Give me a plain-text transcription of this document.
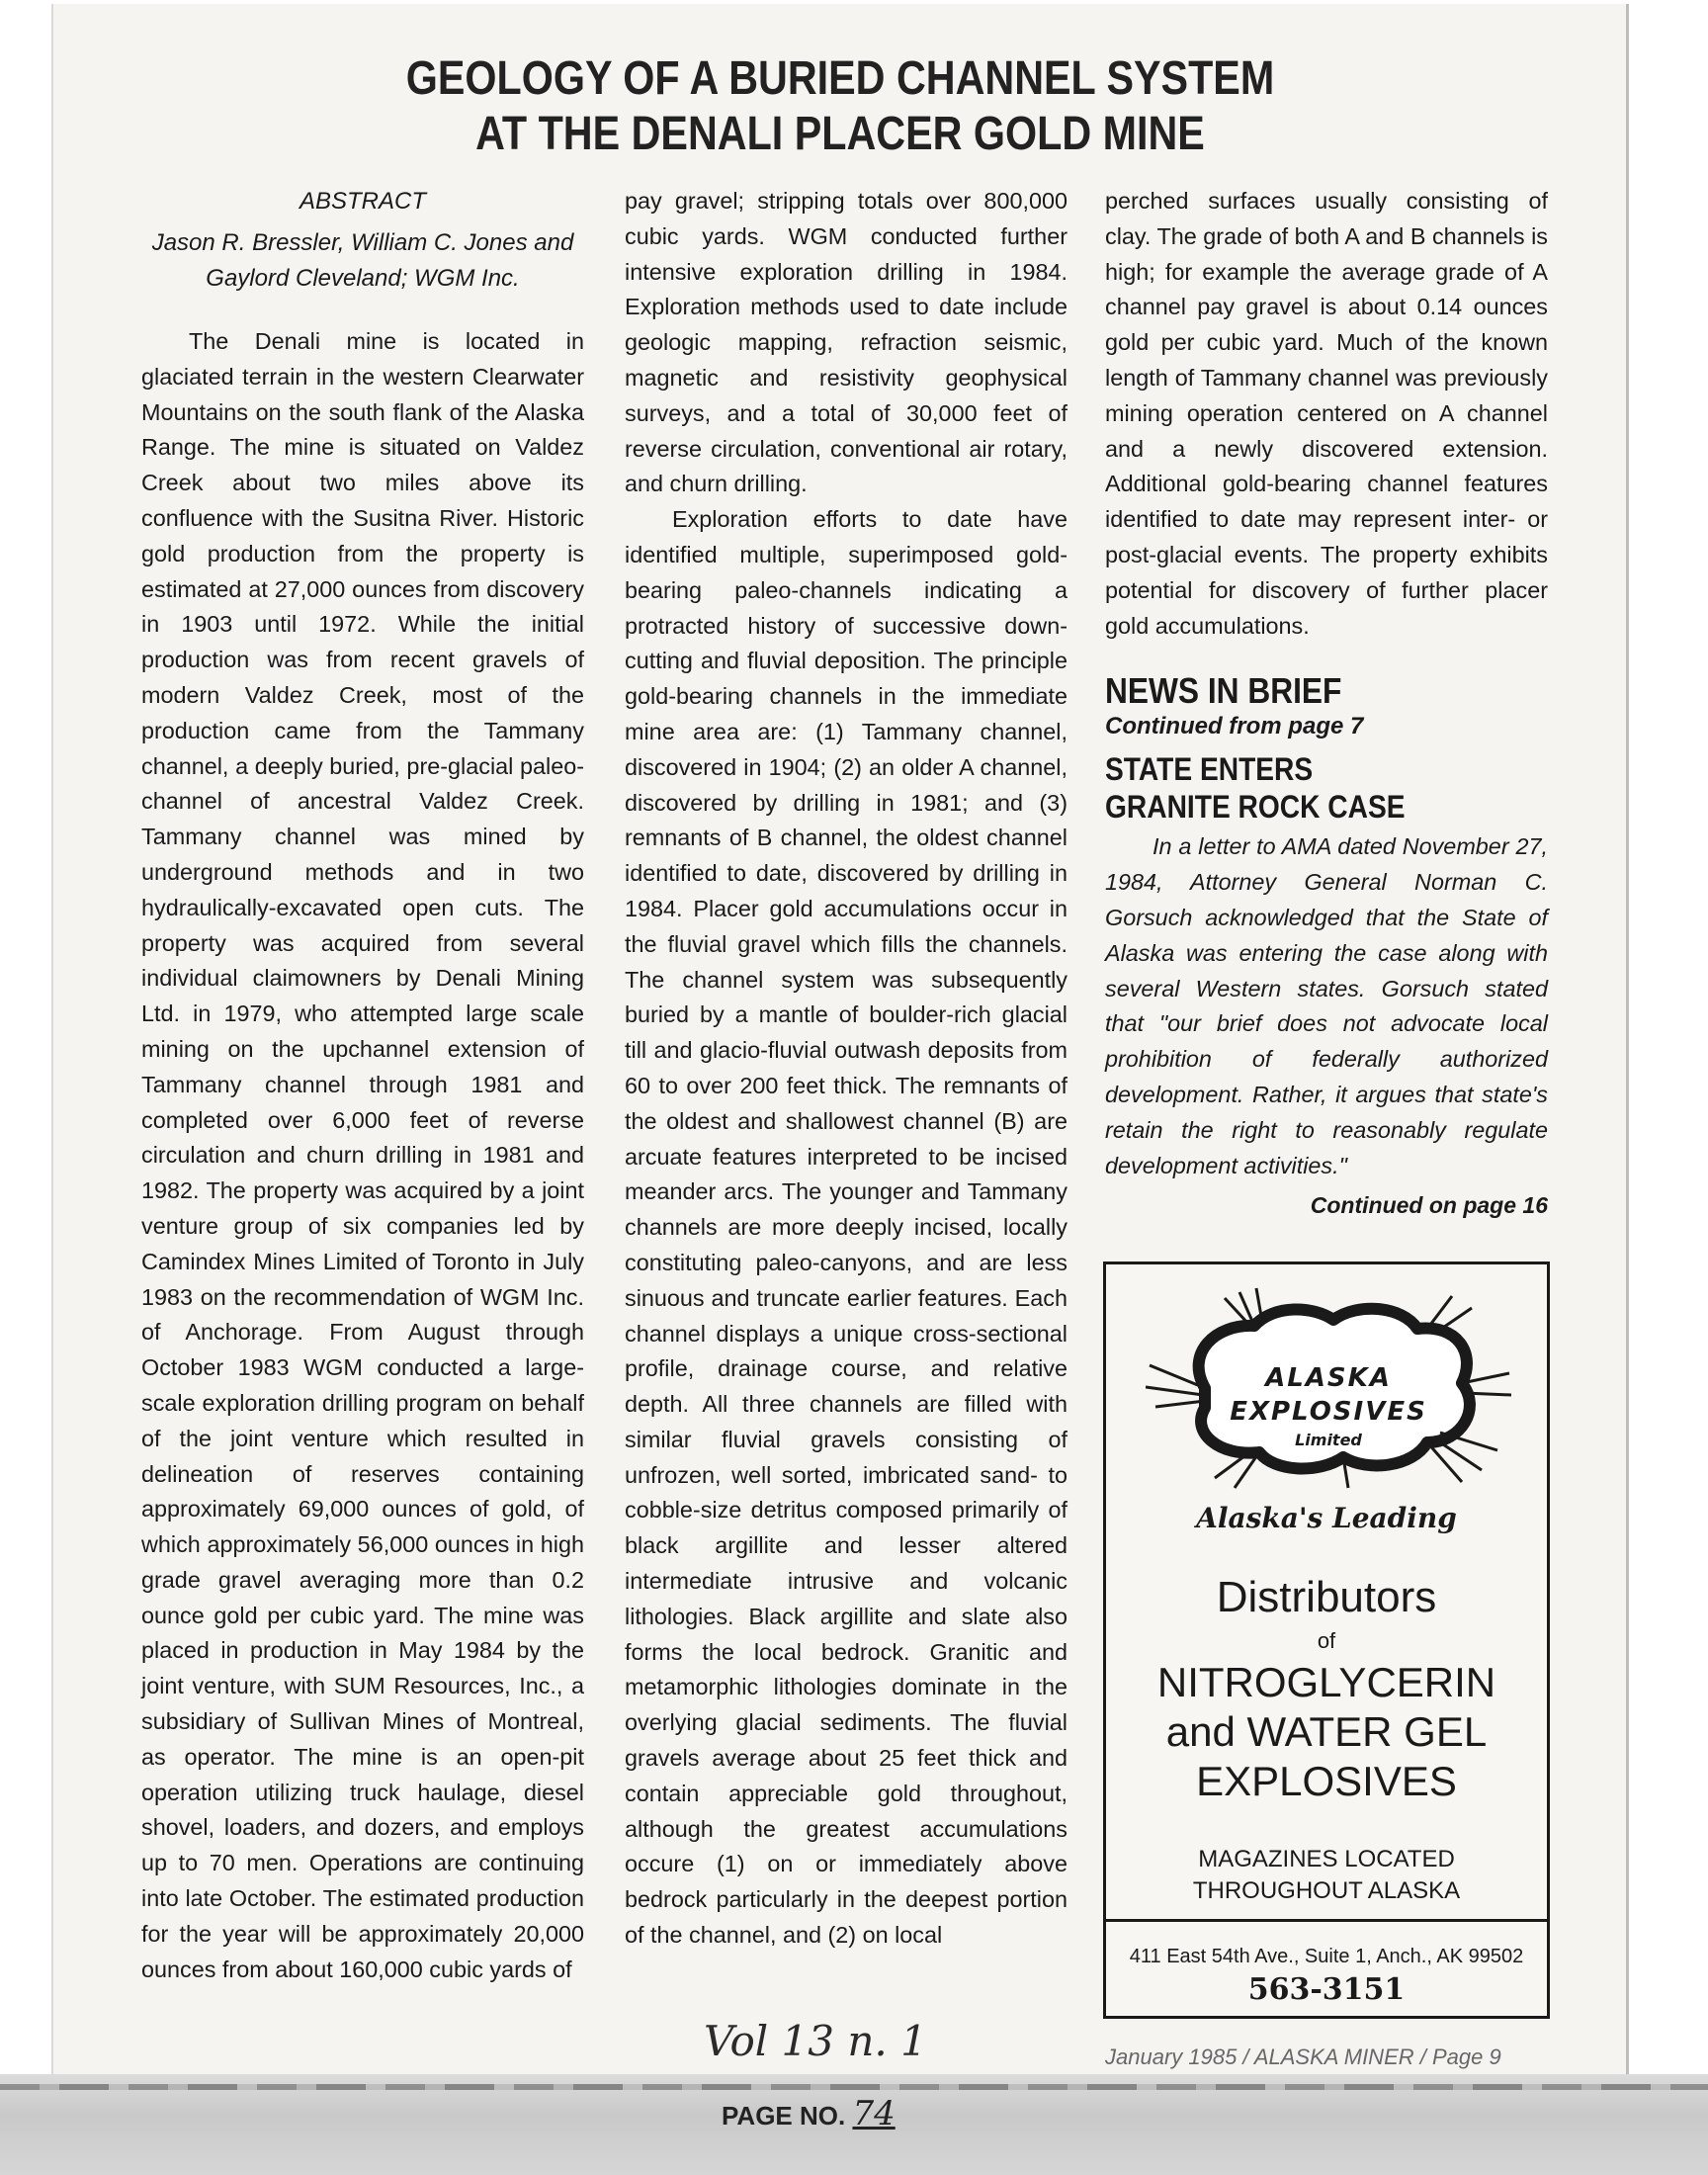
GEOLOGY OF A BURIED CHANNEL SYSTEM
AT THE DENALI PLACER GOLD MINE
ABSTRACT
Jason R. Bressler, William C. Jones and
Gaylord Cleveland; WGM Inc.

The Denali mine is located in glaciated terrain in the western Clearwater Mountains on the south flank of the Alaska Range. The mine is situated on Valdez Creek about two miles above its confluence with the Susitna River. Historic gold production from the property is estimated at 27,000 ounces from discovery in 1903 until 1972. While the initial production was from recent gravels of modern Valdez Creek, most of the production came from the Tammany channel, a deeply buried, pre-glacial paleo-channel of ancestral Valdez Creek. Tammany channel was mined by underground methods and in two hydraulically-excavated open cuts. The property was acquired from several individual claimowners by Denali Mining Ltd. in 1979, who attempted large scale mining on the upchannel extension of Tammany channel through 1981 and completed over 6,000 feet of reverse circulation and churn drilling in 1981 and 1982. The property was acquired by a joint venture group of six companies led by Camindex Mines Limited of Toronto in July 1983 on the recommendation of WGM Inc. of Anchorage. From August through October 1983 WGM conducted a large-scale exploration drilling program on behalf of the joint venture which resulted in delineation of reserves containing approximately 69,000 ounces of gold, of which approximately 56,000 ounces in high grade gravel averaging more than 0.2 ounce gold per cubic yard. The mine was placed in production in May 1984 by the joint venture, with SUM Resources, Inc., a subsidiary of Sullivan Mines of Montreal, as operator. The mine is an open-pit operation utilizing truck haulage, diesel shovel, loaders, and dozers, and employs up to 70 men. Operations are continuing into late October. The estimated production for the year will be approximately 20,000 ounces from about 160,000 cubic yards of

pay gravel; stripping totals over 800,000 cubic yards. WGM conducted further intensive exploration drilling in 1984. Exploration methods used to date include geologic mapping, refraction seismic, magnetic and resistivity geophysical surveys, and a total of 30,000 feet of reverse circulation, conventional air rotary, and churn drilling.

Exploration efforts to date have identified multiple, superimposed gold-bearing paleo-channels indicating a protracted history of successive down-cutting and fluvial deposition. The principle gold-bearing channels in the immediate mine area are: (1) Tammany channel, discovered in 1904; (2) an older A channel, discovered by drilling in 1981; and (3) remnants of B channel, the oldest channel identified to date, discovered by drilling in 1984. Placer gold accumulations occur in the fluvial gravel which fills the channels. The channel system was subsequently buried by a mantle of boulder-rich glacial till and glacio-fluvial outwash deposits from 60 to over 200 feet thick. The remnants of the oldest and shallowest channel (B) are arcuate features interpreted to be incised meander arcs. The younger and Tammany channels are more deeply incised, locally constituting paleo-canyons, and are less sinuous and truncate earlier features. Each channel displays a unique cross-sectional profile, drainage course, and relative depth. All three channels are filled with similar fluvial gravels consisting of unfrozen, well sorted, imbricated sand- to cobble-size detritus composed primarily of black argillite and lesser altered intermediate intrusive and volcanic lithologies. Black argillite and slate also forms the local bedrock. Granitic and metamorphic lithologies dominate in the overlying glacial sediments. The fluvial gravels average about 25 feet thick and contain appreciable gold throughout, although the greatest accumulations occure (1) on or immediately above bedrock particularly in the deepest portion of the channel, and (2) on local

perched surfaces usually consisting of clay. The grade of both A and B channels is high; for example the average grade of A channel pay gravel is about 0.14 ounces gold per cubic yard. Much of the known length of Tammany channel was previously mining operation centered on A channel and a newly discovered extension. Additional gold-bearing channel features identified to date may represent inter- or post-glacial events. The property exhibits potential for discovery of further placer gold accumulations.

NEWS IN BRIEF
Continued from page 7
STATE ENTERS
GRANITE ROCK CASE

In a letter to AMA dated November 27, 1984, Attorney General Norman C. Gorsuch acknowledged that the State of Alaska was entering the case along with several Western states. Gorsuch stated that "our brief does not advocate local prohibition of federally authorized development. Rather, it argues that state's retain the right to reasonably regulate development activities."

Continued on page 16
ALASKA
EXPLOSIVES
Limited
Alaska's Leading
Distributors
of
NITROGLYCERIN
and WATER GEL
EXPLOSIVES
MAGAZINES LOCATED
THROUGHOUT ALASKA
411 East 54th Ave., Suite 1, Anch., AK 99502
563-3151
Vol 13 n. 1	January 1985 / ALASKA MINER / Page 9
PAGE NO. 74
